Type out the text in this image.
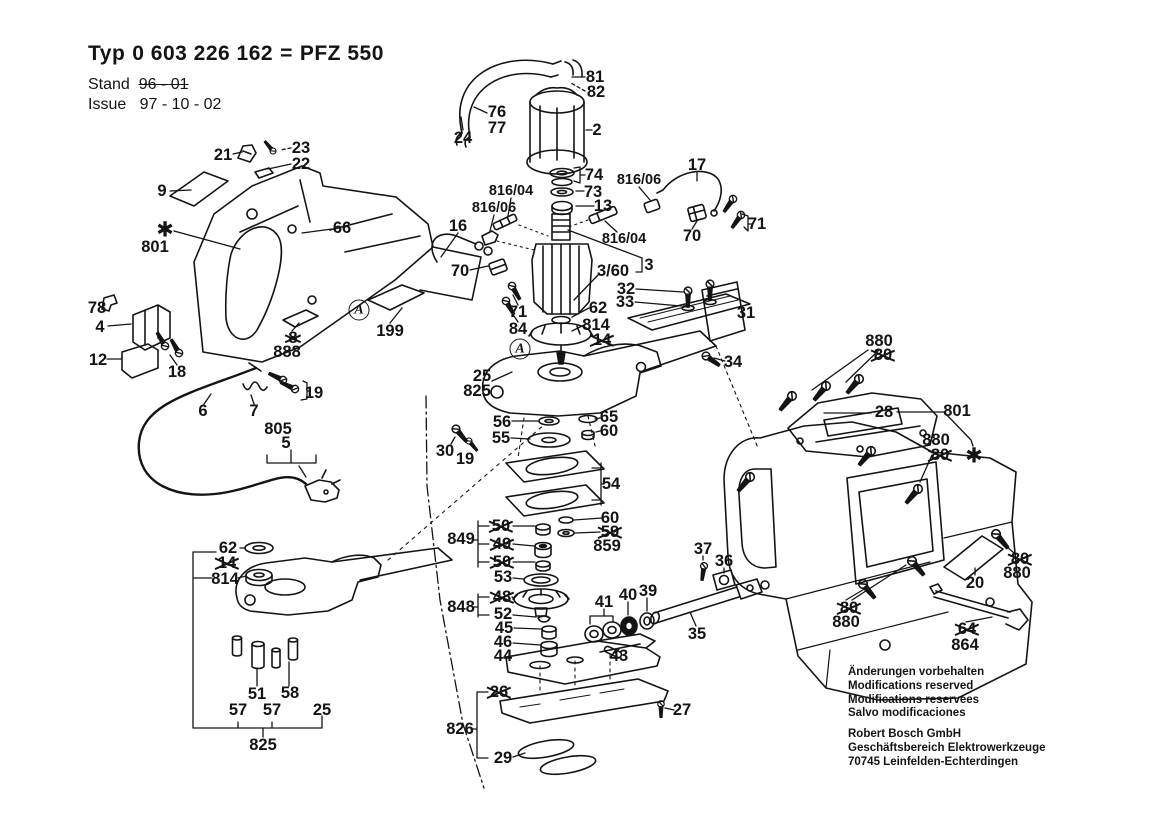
Typ 0 603 226 162 = PFZ 550
Stand 96 - 01
Issue 97 - 10 - 02
21	23
22
9
✱
801
66
199
8
888
78
4
12
18
A
6	7
19
805
5
62
14
814
51 58
57 57 25
825
24
76
77
81
82
2
74
73
13
816/04
816/06
816/06
816/04
16
70
71
84
3/60 3
32
33
62
814
14
A
17
70
71
31
34
25
825
65
60
56
55
30 19
54
60
59
859
849
50
49
50
53
848
48
52
45
46
44
41 40 39
43
37
36
35
26
27
826
29
880
80
28	801
880
80 ✱
80
880
20
80
880	64
864
Änderungen vorbehalten
Modifications reserved
Modifications reservees
Salvo modificaciones
Robert Bosch GmbH
Geschäftsbereich Elektrowerkzeuge
70745 Leinfelden-Echterdingen
